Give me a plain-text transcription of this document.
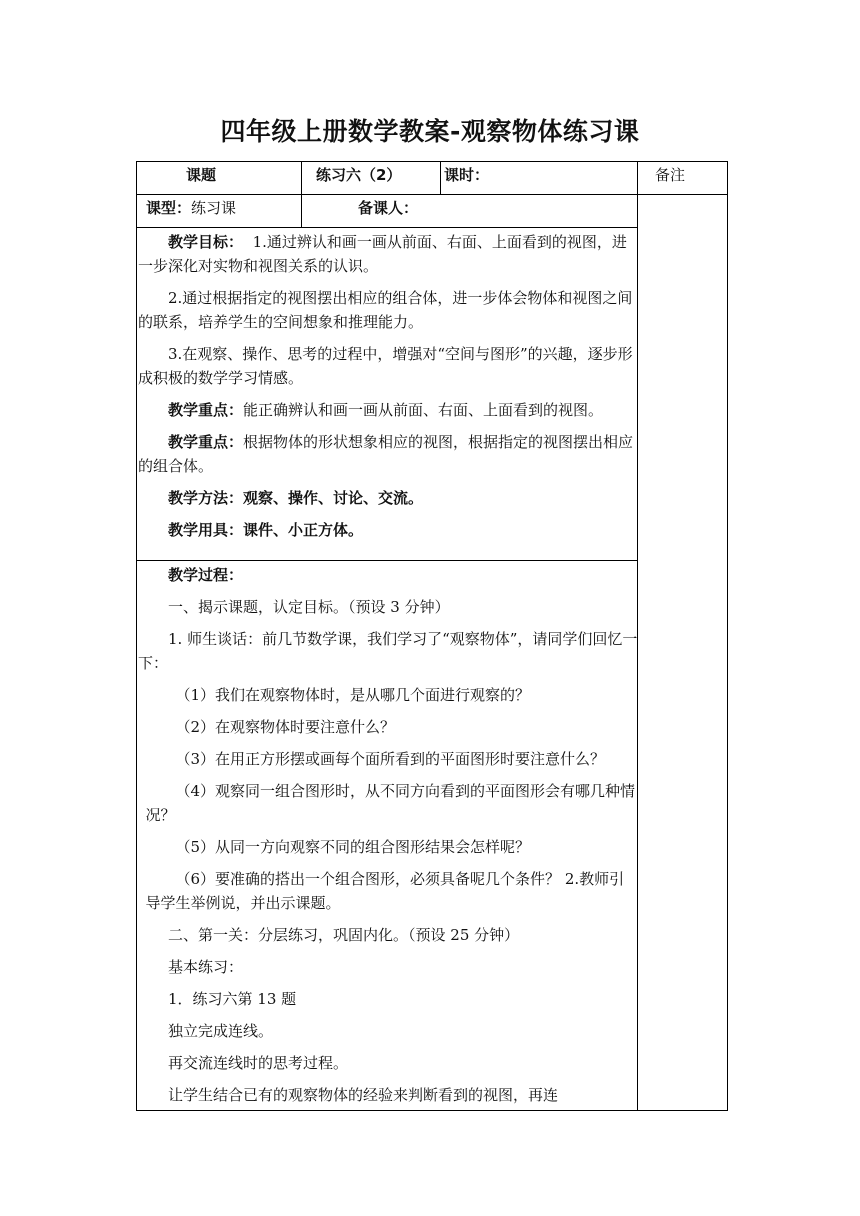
四年级上册数学教案-观察物体练习课
课题	练习六（2）	课时：	备注
课型：练习课	备课人：

教学目标： 1.通过辨认和画一画从前面、右面、上面看到的视图，进一步深化对实物和视图关系的认识。

2.通过根据指定的视图摆出相应的组合体，进一步体会物体和视图之间的联系，培养学生的空间想象和推理能力。

3.在观察、操作、思考的过程中，增强对“空间与图形”的兴趣，逐步形成积极的数学学习情感。

教学重点：能正确辨认和画一画从前面、右面、上面看到的视图。

教学重点：根据物体的形状想象相应的视图，根据指定的视图摆出相应的组合体。

教学方法：观察、操作、讨论、交流。

教学用具：课件、小正方体。

教学过程：

一、揭示课题，认定目标。（预设 3 分钟）

1. 师生谈话：前几节数学课，我们学习了“观察物体”，请同学们回忆一下：

（1）我们在观察物体时，是从哪几个面进行观察的？

（2）在观察物体时要注意什么？

（3）在用正方形摆或画每个面所看到的平面图形时要注意什么？

（4）观察同一组合图形时，从不同方向看到的平面图形会有哪几种情况？

（5）从同一方向观察不同的组合图形结果会怎样呢？

（6）要准确的搭出一个组合图形，必须具备呢几个条件？ 2.教师引导学生举例说，并出示课题。

二、第一关：分层练习，巩固内化。（预设 25 分钟）

基本练习：

1．练习六第 13 题

独立完成连线。

再交流连线时的思考过程。

让学生结合已有的观察物体的经验来判断看到的视图，再连
